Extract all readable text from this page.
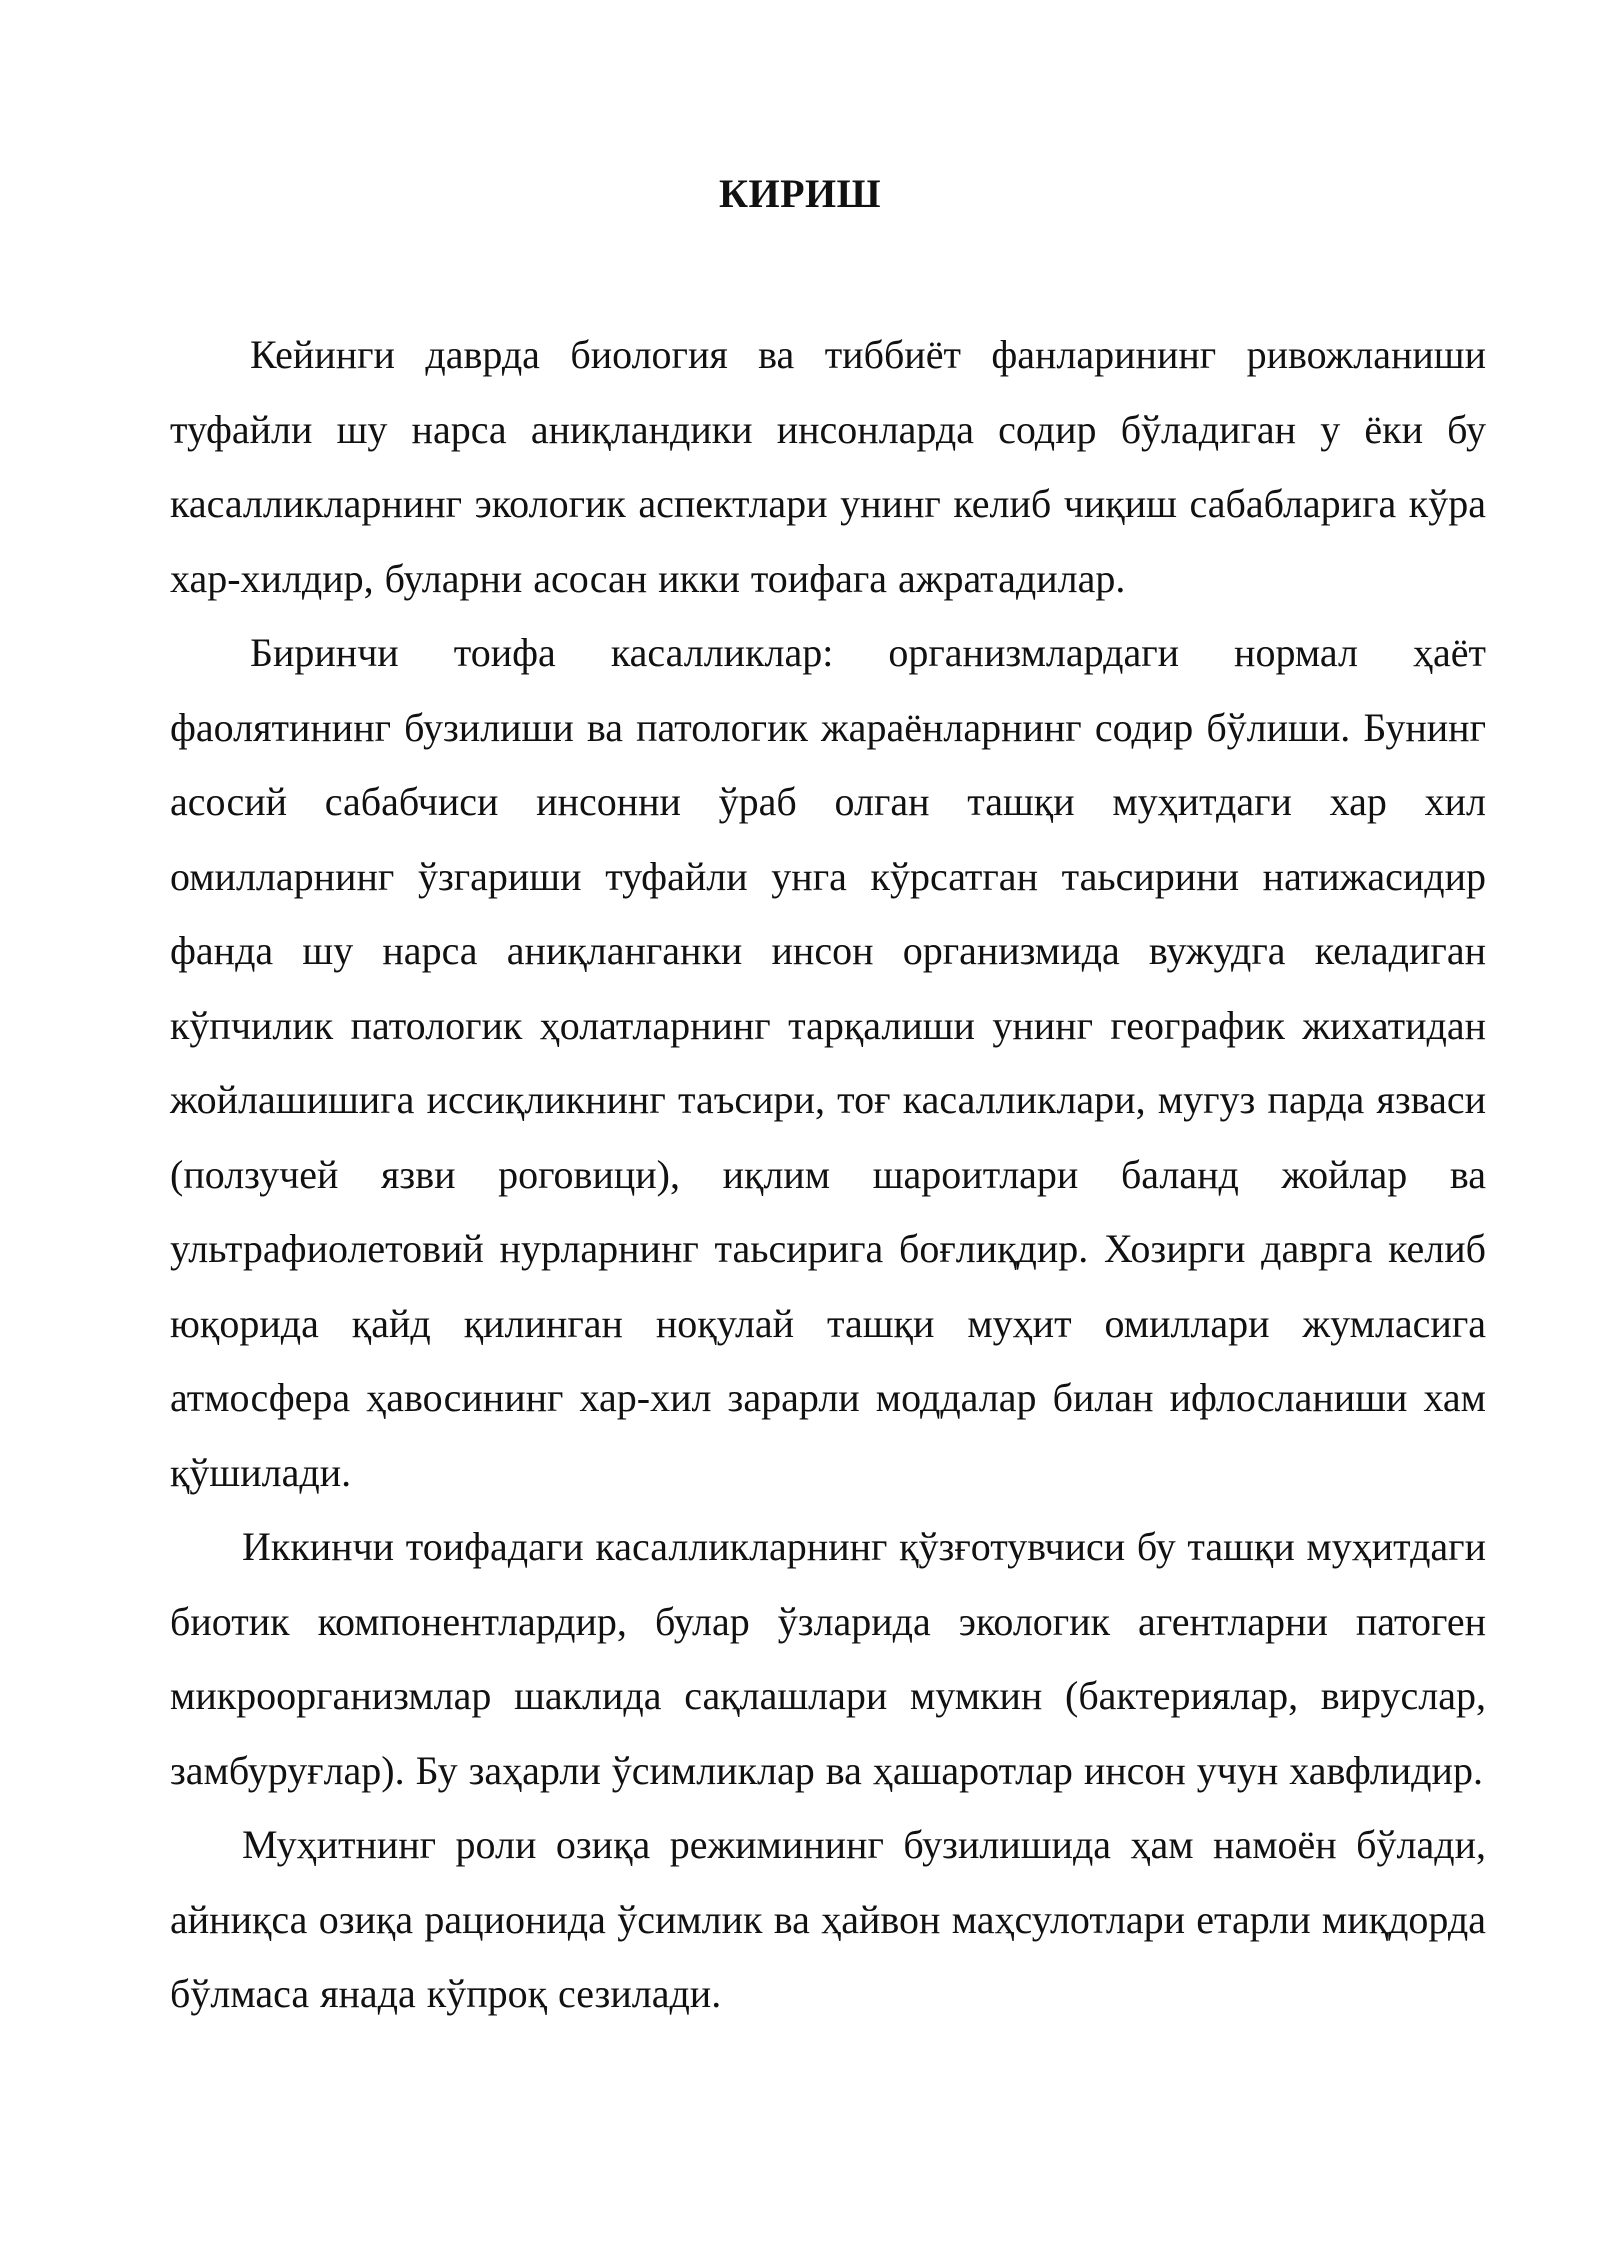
КИРИШ

Кейинги даврда биология ва тиббиёт фанларининг ривожланиши туфайли шу нарса аниқландики инсонларда содир бўладиган у ёки бу касалликларнинг экологик аспектлари унинг келиб чиқиш сабабларига кўра хар-хилдир, буларни асосан икки тоифага ажратадилар.

Биринчи тоифа касалликлар: организмлардаги нормал ҳаёт фаолятининг бузилиши ва патологик жараёнларнинг содир бўлиши. Бунинг асосий сабабчиси инсонни ўраб олган ташқи муҳитдаги хар хил омилларнинг ўзгариши туфайли унга кўрсатган таьсирини натижасидир фанда шу нарса аниқланганки инсон организмида вужудга келадиган кўпчилик патологик ҳолатларнинг тарқалиши унинг географик жихатидан жойлашишига иссиқликнинг таъсири, тоғ касалликлари, мугуз парда язваси (ползучей язви роговици), иқлим шароитлари баланд жойлар ва ультрафиолетовий нурларнинг таьсирига боғлиқдир. Хозирги даврга келиб юқорида қайд қилинган ноқулай ташқи муҳит омиллари жумласига атмосфера ҳавосининг хар-хил зарарли моддалар билан ифлосланиши хам қўшилади.

Иккинчи тоифадаги касалликларнинг қўзғотувчиси бу ташқи муҳитдаги биотик компонентлардир, булар ўзларида экологик агентларни патоген микроорганизмлар шаклида сақлашлари мумкин (бактериялар, вируслар, замбуруғлар). Бу заҳарли ўсимликлар ва ҳашаротлар инсон учун хавфлидир.

Муҳитнинг роли озиқа режимининг бузилишида ҳам намоён бўлади, айниқса озиқа рационида ўсимлик ва ҳайвон маҳсулотлари етарли миқдорда бўлмаса янада кўпроқ сезилади.
